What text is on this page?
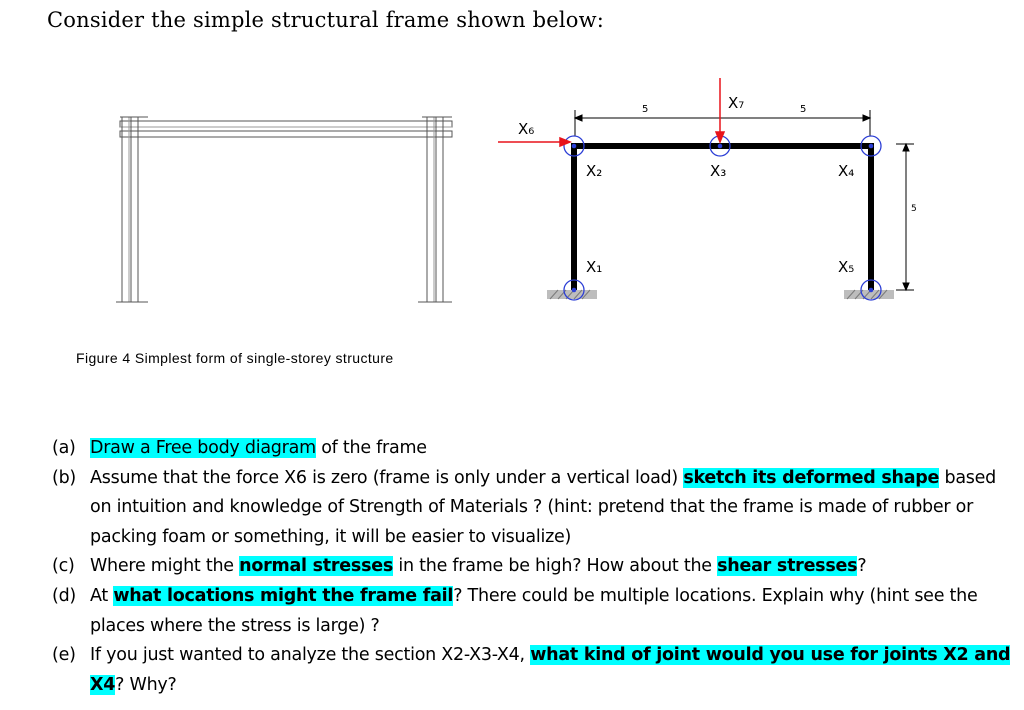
Consider the simple structural frame shown below:
Figure 4 Simplest form of single-storey structure
5	5
5
X₆
X₇
X₂	X₃	X₄
X₁	X₅
(a) Draw a Free body diagram of the frame
(b) Assume that the force X6 is zero (frame is only under a vertical load) sketch its deformed shape based on intuition and knowledge of Strength of Materials ? (hint: pretend that the frame is made of rubber or packing foam or something, it will be easier to visualize)
(c) Where might the normal stresses in the frame be high? How about the shear stresses?
(d) At what locations might the frame fail? There could be multiple locations. Explain why (hint see the places where the stress is large) ?
(e) If you just wanted to analyze the section X2-X3-X4, what kind of joint would you use for joints X2 and X4? Why?
